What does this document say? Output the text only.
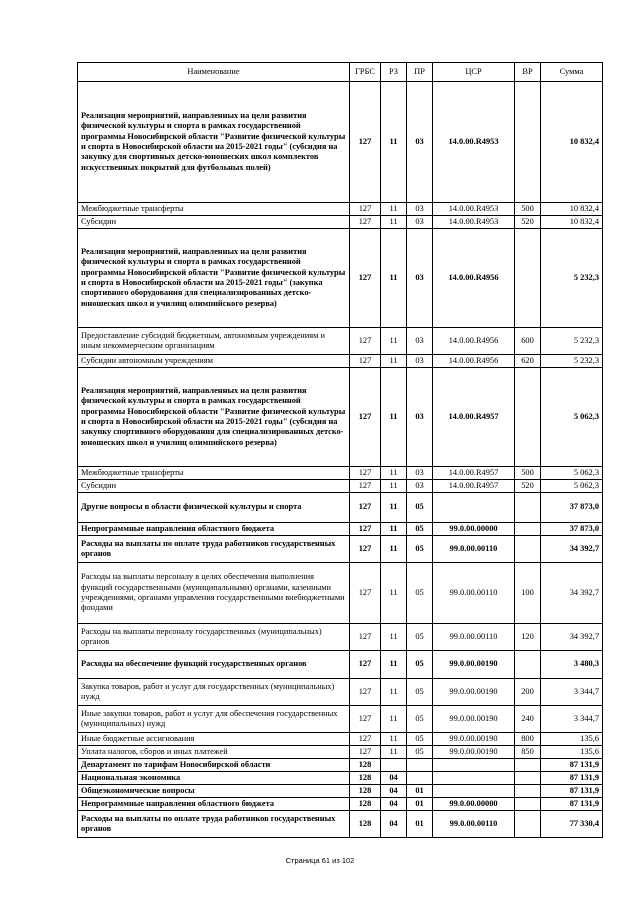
Наименование	ГРБС	РЗ	ПР	ЦСР	ВР	Сумма
Реализация мероприятий, направленных на цели развития физической культуры и спорта в рамках государственной программы Новосибирской области "Развитие физической культуры и спорта в Новосибирской области на 2015-2021 годы" (субсидия на закупку для спортивных детско-юношеских школ комплектов искусственных покрытий для футбольных полей)	127	11	03	14.0.00.R4953		10 832,4
Межбюджетные трансферты	127	11	03	14.0.00.R4953	500	10 832,4
Субсидии	127	11	03	14.0.00.R4953	520	10 832,4
Реализация мероприятий, направленных на цели развития физической культуры и спорта в рамках государственной программы Новосибирской области "Развитие физической культуры и спорта в Новосибирской области на 2015-2021 годы" (закупка спортивного оборудования для специализированных детско-юношеских школ и училищ олимпийского резерва)	127	11	03	14.0.00.R4956		5 232,3
Предоставление субсидий бюджетным, автономным учреждениям и иным некоммерческим организациям	127	11	03	14.0.00.R4956	600	5 232,3
Субсидии автономным учреждениям	127	11	03	14.0.00.R4956	620	5 232,3
Реализация мероприятий, направленных на цели развития физической культуры и спорта в рамках государственной программы Новосибирской области "Развитие физической культуры и спорта в Новосибирской области на 2015-2021 годы" (субсидия на закупку спортивного оборудования для специализированных детско-юношеских школ и училищ олимпийского резерва)	127	11	03	14.0.00.R4957		5 062,3
Межбюджетные трансферты	127	11	03	14.0.00.R4957	500	5 062,3
Субсидии	127	11	03	14.0.00.R4957	520	5 062,3
Другие вопросы в области физической культуры и спорта	127	11	05			37 873,0
Непрограммные направления областного бюджета	127	11	05	99.0.00.00000		37 873,0
Расходы на выплаты по оплате труда работников государственных органов	127	11	05	99.0.00.00110		34 392,7
Расходы на выплаты персоналу в целях обеспечения выполнения функций государственными (муниципальными) органами, казенными учреждениями, органами управления государственными внебюджетными фондами	127	11	05	99.0.00.00110	100	34 392,7
Расходы на выплаты персоналу государственных (муниципальных) органов	127	11	05	99.0.00.00110	120	34 392,7
Расходы на обеспечение функций государственных органов	127	11	05	99.0.00.00190		3 480,3
Закупка товаров, работ и услуг для государственных (муниципальных) нужд	127	11	05	99.0.00.00190	200	3 344,7
Иные закупки товаров, работ и услуг для обеспечения государственных (муниципальных) нужд	127	11	05	99.0.00.00190	240	3 344,7
Иные бюджетные ассигнования	127	11	05	99.0.00.00190	800	135,6
Уплата налогов, сборов и иных платежей	127	11	05	99.0.00.00190	850	135,6
Департамент по тарифам Новосибирской области	128					87 131,9
Национальная экономика	128	04				87 131,9
Общеэкономические вопросы	128	04	01			87 131,9
Непрограммные направления областного бюджета	128	04	01	99.0.00.00000		87 131,9
Расходы на выплаты по оплате труда работников государственных органов	128	04	01	99.0.00.00110		77 330,4
Страница 61 из 102
